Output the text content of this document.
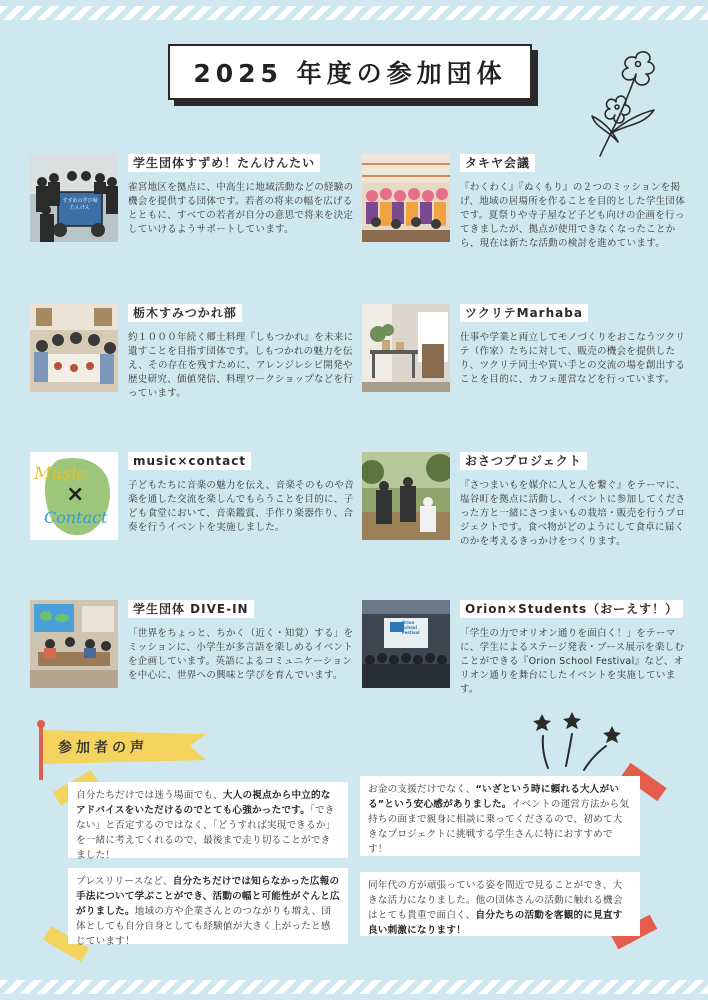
2025 年度の参加団体
すずめの学び場たんけん
学生団体すずめ！たんけんたい
雀宮地区を拠点に、中高生に地域活動などの経験の機会を提供する団体です。若者の将来の幅を広げるとともに、すべての若者が自分の意思で将来を決定していけるようサポートしています。
タキヤ会議
『わくわく』『ぬくもり』の２つのミッションを掲げ、地域の居場所を作ることを目的とした学生団体です。夏祭りや寺子屋など子ども向けの企画を行ってきましたが、拠点が使用できなくなったことから、現在は新たな活動の検討を進めています。
栃木すみつかれ部
約１０００年続く郷土料理『しもつかれ』を未来に遺すことを目指す団体です。しもつかれの魅力を伝え、その存在を残すために、アレンジレシピ開発や歴史研究、価値発信、料理ワークショップなどを行っています。
ツクリテMarhaba
仕事や学業と両立してモノづくりをおこなうツクリテ（作家）たちに対して、販売の機会を提供したり、ツクリテ同士や買い手との交流の場を創出することを目的に、カフェ運営などを行っています。
Music
×
Contact
music×contact
子どもたちに音楽の魅力を伝え、音楽そのものや音楽を通した交流を楽しんでもらうことを目的に、子ども食堂において、音楽鑑賞、手作り楽器作り、合奏を行うイベントを実施しました。
おさつプロジェクト
『さつまいもを媒介に人と人を繋ぐ』をテーマに、塩谷町を拠点に活動し、イベントに参加してくださった方と一緒にさつまいもの栽培・販売を行うプロジェクトです。食べ物がどのようにして食卓に届くのかを考えるきっかけをつくります。
学生団体 DIVE-IN
「世界をちょっと、ちかく（近く・知覚）する」をミッションに、小学生が多言語を楽しめるイベントを企画しています。英語によるコミュニケーションを中心に、世界への興味と学びを育んでいます。
Orion School Festival
Orion×Students（おーえす！）
「学生の力でオリオン通りを面白く！」をテーマに、学生によるステージ発表・ブース展示を楽しむことができる『Orion School Festival』など、オリオン通りを舞台にしたイベントを実施しています。
参加者の声
自分たちだけでは迷う場面でも、大人の視点から中立的なアドバイスをいただけるのでとても心強かったです。「できない」と否定するのではなく、「どうすれば実現できるか」を一緒に考えてくれるので、最後まで走り切ることができました！
お金の支援だけでなく、“いざという時に頼れる大人がいる”という安心感がありました。イベントの運営方法から気持ちの面まで親身に相談に乗ってくださるので、初めて大きなプロジェクトに挑戦する学生さんに特におすすめです！
プレスリリースなど、自分たちだけでは知らなかった広報の手法について学ぶことができ、活動の幅と可能性がぐんと広がりました。地域の方や企業さんとのつながりも増え、団体としても自分自身としても経験値が大きく上がったと感じています！
同年代の方が頑張っている姿を間近で見ることができ、大きな活力になりました。他の団体さんの活動に触れる機会はとても貴重で面白く、自分たちの活動を客観的に見直す良い刺激になります！
